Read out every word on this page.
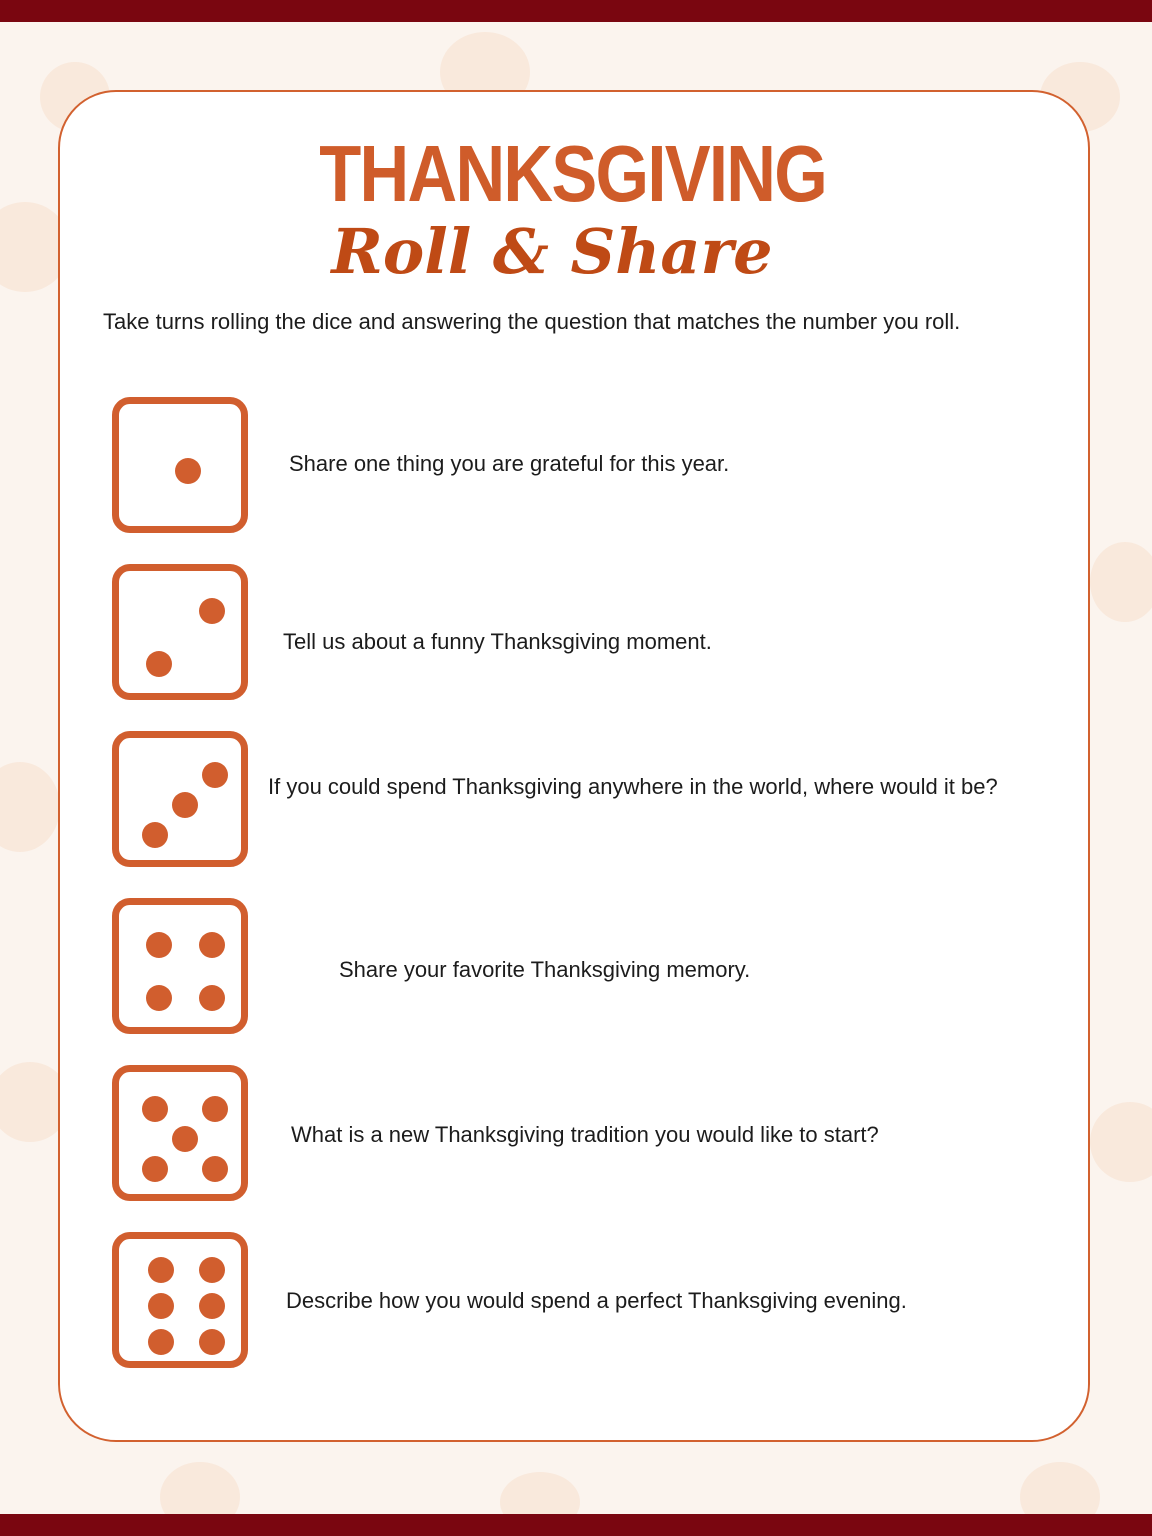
THANKSGIVING
Roll & Share
Take turns rolling the dice and answering the question that matches the number you roll.
Share one thing you are grateful for this year.
Tell us about a funny Thanksgiving moment.
If you could spend Thanksgiving anywhere in the world, where would it be?
Share your favorite Thanksgiving memory.
What is a new Thanksgiving tradition you would like to start?
Describe how you would spend a perfect Thanksgiving evening.
